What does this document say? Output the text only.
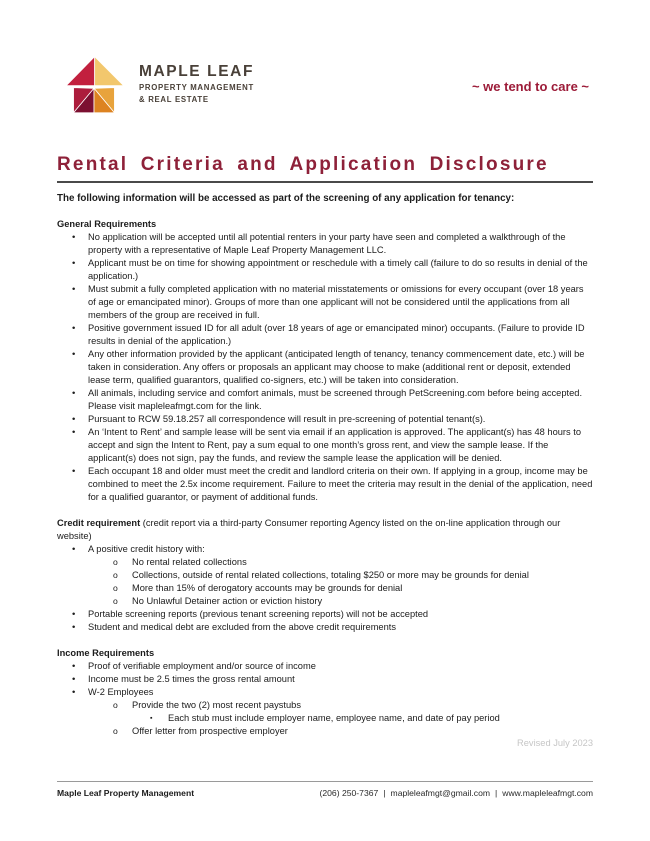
MAPLE LEAF
PROPERTY MANAGEMENT
& REAL ESTATE
~ we tend to care ~
Rental Criteria and Application Disclosure

The following information will be accessed as part of the screening of any application for tenancy:

General Requirements

• No application will be accepted until all potential renters in your party have seen and completed a walkthrough of the property with a representative of Maple Leaf Property Management LLC.
• Applicant must be on time for showing appointment or reschedule with a timely call (failure to do so results in denial of the application.)
• Must submit a fully completed application with no material misstatements or omissions for every occupant (over 18 years of age or emancipated minor). Groups of more than one applicant will not be considered until the applications from all members of the group are received in full.
• Positive government issued ID for all adult (over 18 years of age or emancipated minor) occupants. (Failure to provide ID results in denial of the application.)
• Any other information provided by the applicant (anticipated length of tenancy, tenancy commencement date, etc.) will be taken in consideration. Any offers or proposals an applicant may choose to make (additional rent or deposit, extended lease term, qualified guarantors, qualified co-signers, etc.) will be taken into consideration.
• All animals, including service and comfort animals, must be screened through PetScreening.com before being accepted. Please visit mapleleafmgt.com for the link.
• Pursuant to RCW 59.18.257 all correspondence will result in pre-screening of potential tenant(s).
• An ‘Intent to Rent’ and sample lease will be sent via email if an application is approved. The applicant(s) has 48 hours to accept and sign the Intent to Rent, pay a sum equal to one month’s gross rent, and view the sample lease. If the applicant(s) does not sign, pay the funds, and review the sample lease the application will be denied.
• Each occupant 18 and older must meet the credit and landlord criteria on their own. If applying in a group, income may be combined to meet the 2.5x income requirement. Failure to meet the criteria may result in the denial of the application, need for a qualified guarantor, or payment of additional funds.

Credit requirement (credit report via a third-party Consumer reporting Agency listed on the on-line application through our website)

• A positive credit history with:
o No rental related collections
o Collections, outside of rental related collections, totaling $250 or more may be grounds for denial
o More than 15% of derogatory accounts may be grounds for denial
o No Unlawful Detainer action or eviction history
• Portable screening reports (previous tenant screening reports) will not be accepted
• Student and medical debt are excluded from the above credit requirements

Income Requirements

• Proof of verifiable employment and/or source of income
• Income must be 2.5 times the gross rental amount
• W-2 Employees
o Provide the two (2) most recent paystubs
▪ Each stub must include employer name, employee name, and date of pay period
o Offer letter from prospective employer
Revised July 2023
Maple Leaf Property Management	(206) 250-7367 | mapleleafmgt@gmail.com | www.mapleleafmgt.com
